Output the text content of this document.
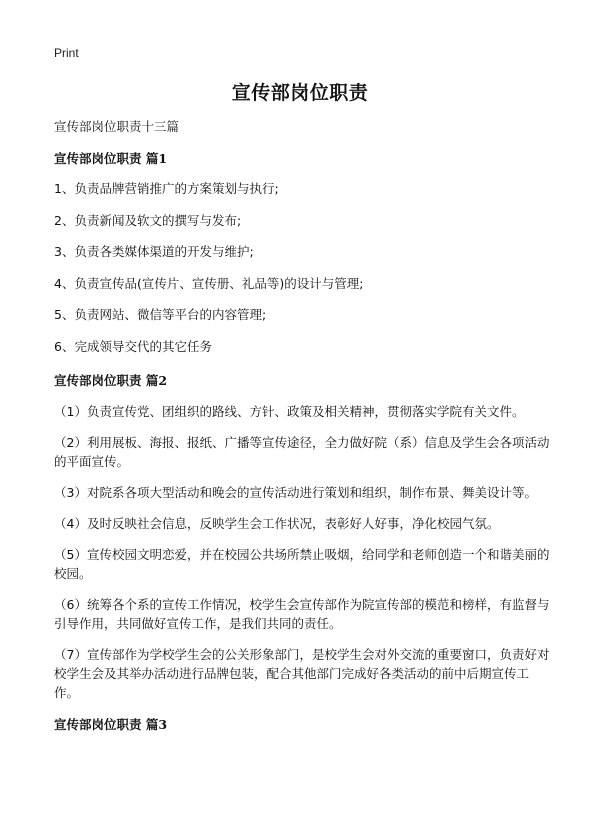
Print
宣传部岗位职责
宣传部岗位职责十三篇
宣传部岗位职责 篇1
1、负责品牌营销推广的方案策划与执行;
2、负责新闻及软文的撰写与发布;
3、负责各类媒体渠道的开发与维护;
4、负责宣传品(宣传片、宣传册、礼品等)的设计与管理;
5、负责网站、微信等平台的内容管理;
6、完成领导交代的其它任务
宣传部岗位职责 篇2
（1）负责宣传党、团组织的路线、方针、政策及相关精神，贯彻落实学院有关文件。
（2）利用展板、海报、报纸、广播等宣传途径，全力做好院（系）信息及学生会各项活动的平面宣传。
（3）对院系各项大型活动和晚会的宣传活动进行策划和组织，制作布景、舞美设计等。
（4）及时反映社会信息，反映学生会工作状况，表彰好人好事，净化校园气氛。
（5）宣传校园文明恋爱，并在校园公共场所禁止吸烟，给同学和老师创造一个和谐美丽的校园。
（6）统筹各个系的宣传工作情况，校学生会宣传部作为院宣传部的模范和榜样，有监督与引导作用，共同做好宣传工作，是我们共同的责任。
（7）宣传部作为学校学生会的公关形象部门，是校学生会对外交流的重要窗口，负责好对校学生会及其举办活动进行品牌包装，配合其他部门完成好各类活动的前中后期宣传工作。
宣传部岗位职责 篇3
